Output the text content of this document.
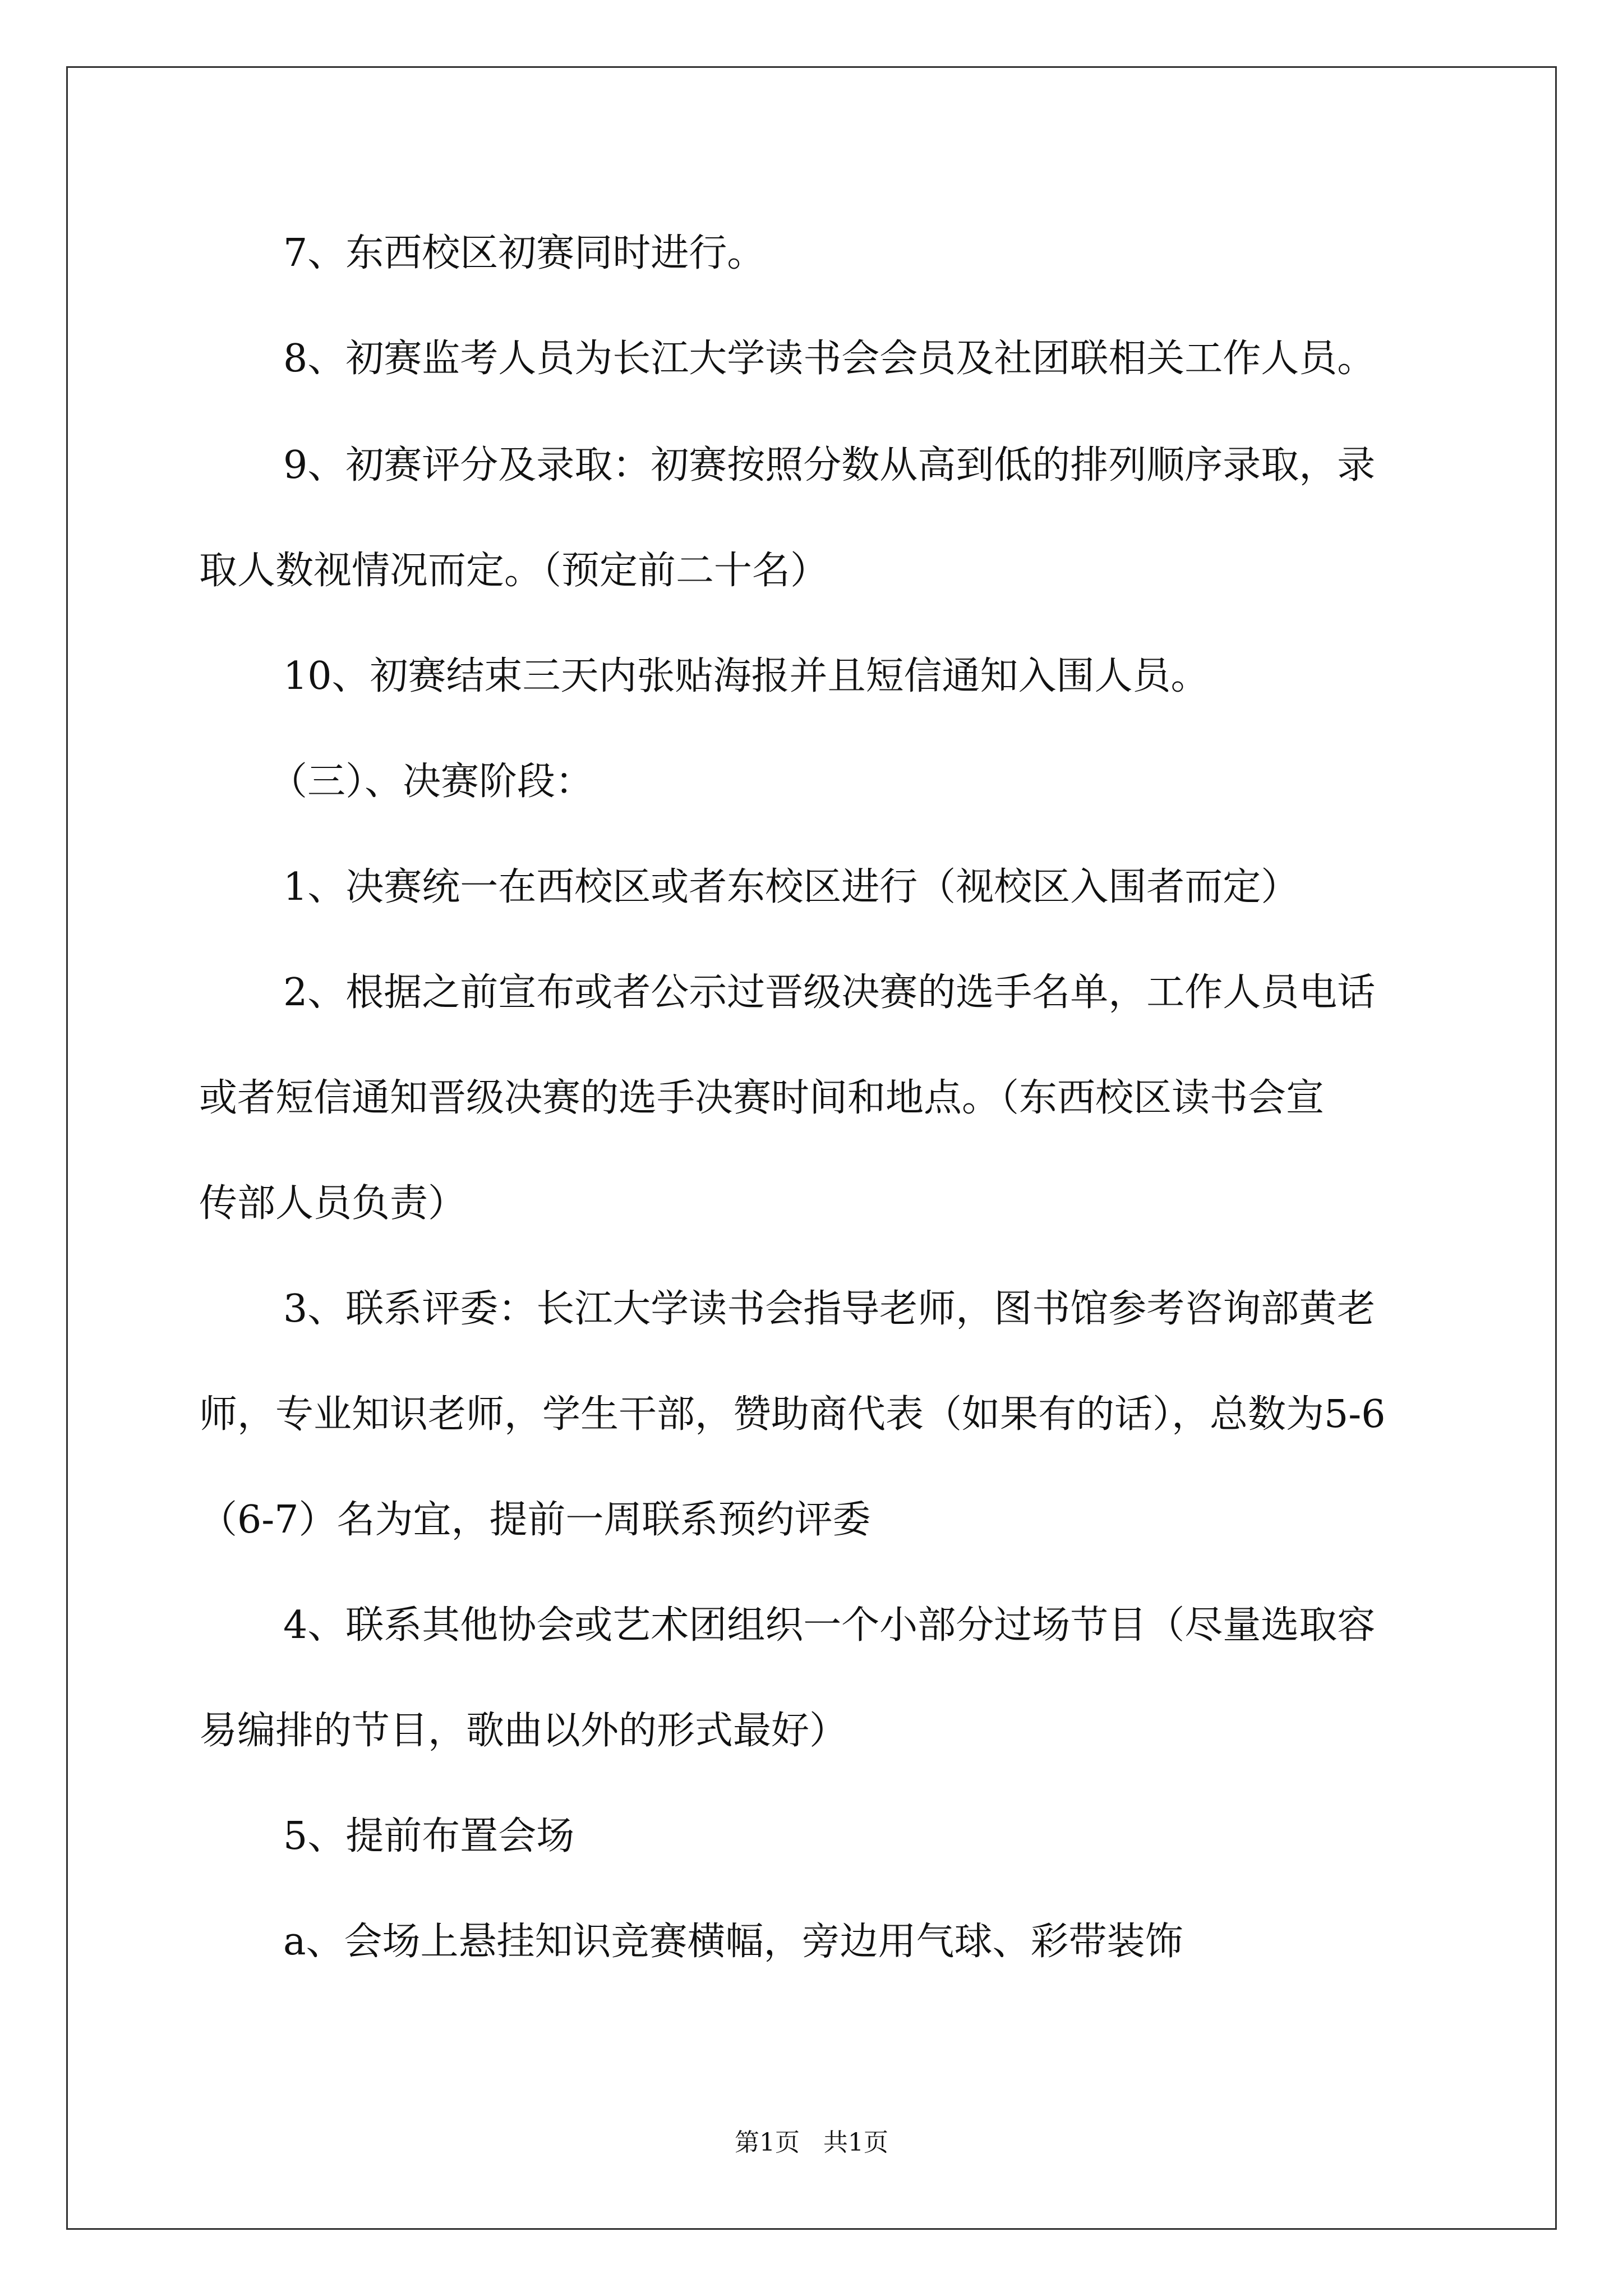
7、东西校区初赛同时进行。

8、初赛监考人员为长江大学读书会会员及社团联相关工作人员。

9、初赛评分及录取：初赛按照分数从高到低的排列顺序录取，录

取人数视情况而定。（预定前二十名）

10、初赛结束三天内张贴海报并且短信通知入围人员。

（三）、决赛阶段：

1、决赛统一在西校区或者东校区进行（视校区入围者而定）

2、根据之前宣布或者公示过晋级决赛的选手名单，工作人员电话

或者短信通知晋级决赛的选手决赛时间和地点。（东西校区读书会宣

传部人员负责）

3、联系评委：长江大学读书会指导老师，图书馆参考咨询部黄老

师，专业知识老师，学生干部，赞助商代表（如果有的话），总数为5-6

（6-7）名为宜，提前一周联系预约评委

4、联系其他协会或艺术团组织一个小部分过场节目（尽量选取容

易编排的节目，歌曲以外的形式最好）

5、提前布置会场

a、会场上悬挂知识竞赛横幅，旁边用气球、彩带装饰

第1页   共1页
